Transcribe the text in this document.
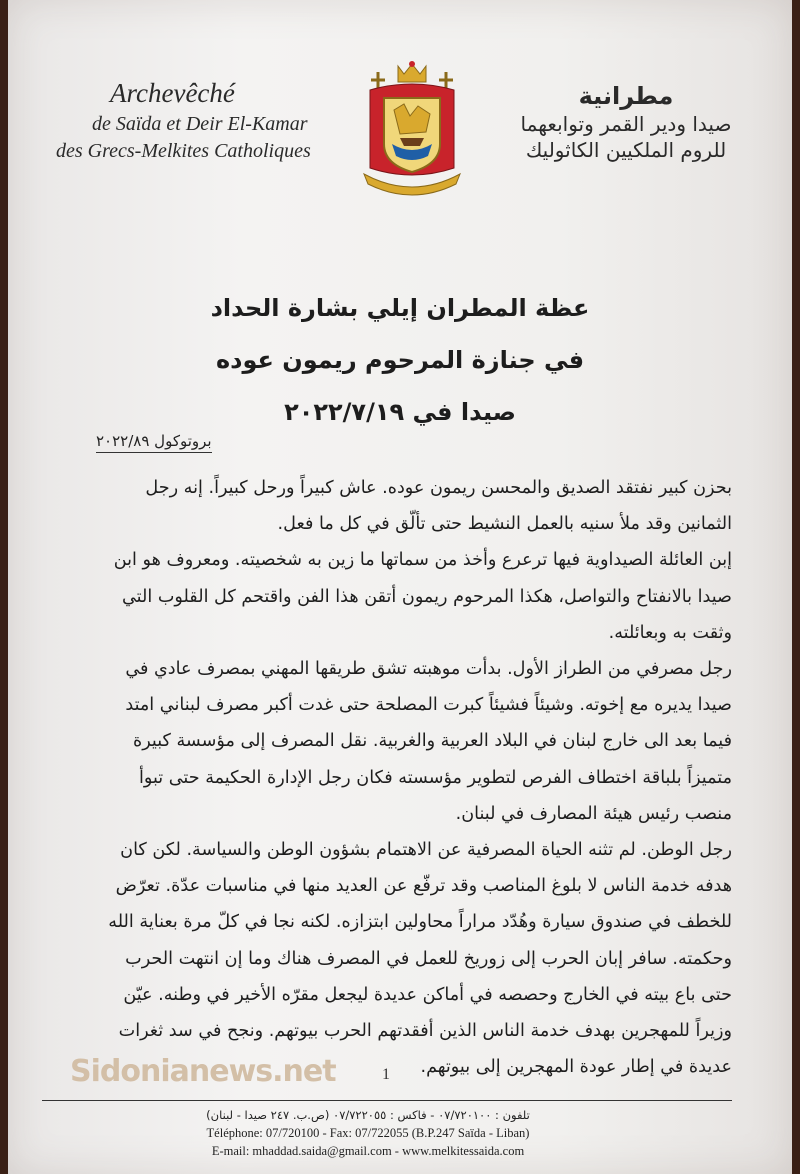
Archevêché
de Saïda et Deir El-Kamar
des Grecs-Melkites Catholiques
مطرانية
صيدا ودير القمر وتوابعهما
للروم الملكيين الكاثوليك
عظة المطران إيلي بشارة الحداد
في جنازة المرحوم ريمون عوده
صيدا في ٢٠٢٢/٧/١٩
بروتوكول ٢٠٢٢/٨٩

بحزن كبير نفتقد الصديق والمحسن ريمون عوده. عاش كبيراً ورحل كبيراً. إنه رجل الثمانين وقد ملأ سنيه بالعمل النشيط حتى تألّق في كل ما فعل.

إبن العائلة الصيداوية فيها ترعرع وأخذ من سماتها ما زين به شخصيته. ومعروف هو ابن صيدا بالانفتاح والتواصل، هكذا المرحوم ريمون أتقن هذا الفن واقتحم كل القلوب التي وثقت به وبعائلته.

رجل مصرفي من الطراز الأول. بدأت موهبته تشق طريقها المهني بمصرف عادي في صيدا يديره مع إخوته. وشيئاً فشيئاً كبرت المصلحة حتى غدت أكبر مصرف لبناني امتد فيما بعد الى خارج لبنان في البلاد العربية والغربية. نقل المصرف إلى مؤسسة كبيرة متميزاً بلباقة اختطاف الفرص لتطوير مؤسسته فكان رجل الإدارة الحكيمة حتى تبوأ منصب رئيس هيئة المصارف في لبنان.

رجل الوطن. لم تثنه الحياة المصرفية عن الاهتمام بشؤون الوطن والسياسة. لكن كان هدفه خدمة الناس لا بلوغ المناصب وقد ترفّع عن العديد منها في مناسبات عدّة. تعرّض للخطف في صندوق سيارة وهُدّد مراراً محاولين ابتزازه. لكنه نجا في كلّ مرة بعناية الله وحكمته. سافر إبان الحرب إلى زوريخ للعمل في المصرف هناك وما إن انتهت الحرب حتى باع بيته في الخارج وحصصه في أماكن عديدة ليجعل مقرّه الأخير في وطنه. عيّن وزيراً للمهجرين بهدف خدمة الناس الذين أفقدتهم الحرب بيوتهم. ونجح في سد ثغرات عديدة في إطار عودة المهجرين إلى بيوتهم.

Sidonianews.net	1
تلفون : ٠٧/٧٢٠١٠٠ - فاكس : ٠٧/٧٢٢٠٥٥ (ص.ب. ٢٤٧ صيدا - لبنان)
Téléphone: 07/720100 - Fax: 07/722055 (B.P.247 Saïda - Liban)
E-mail: mhaddad.saida@gmail.com - www.melkitessaida.com
